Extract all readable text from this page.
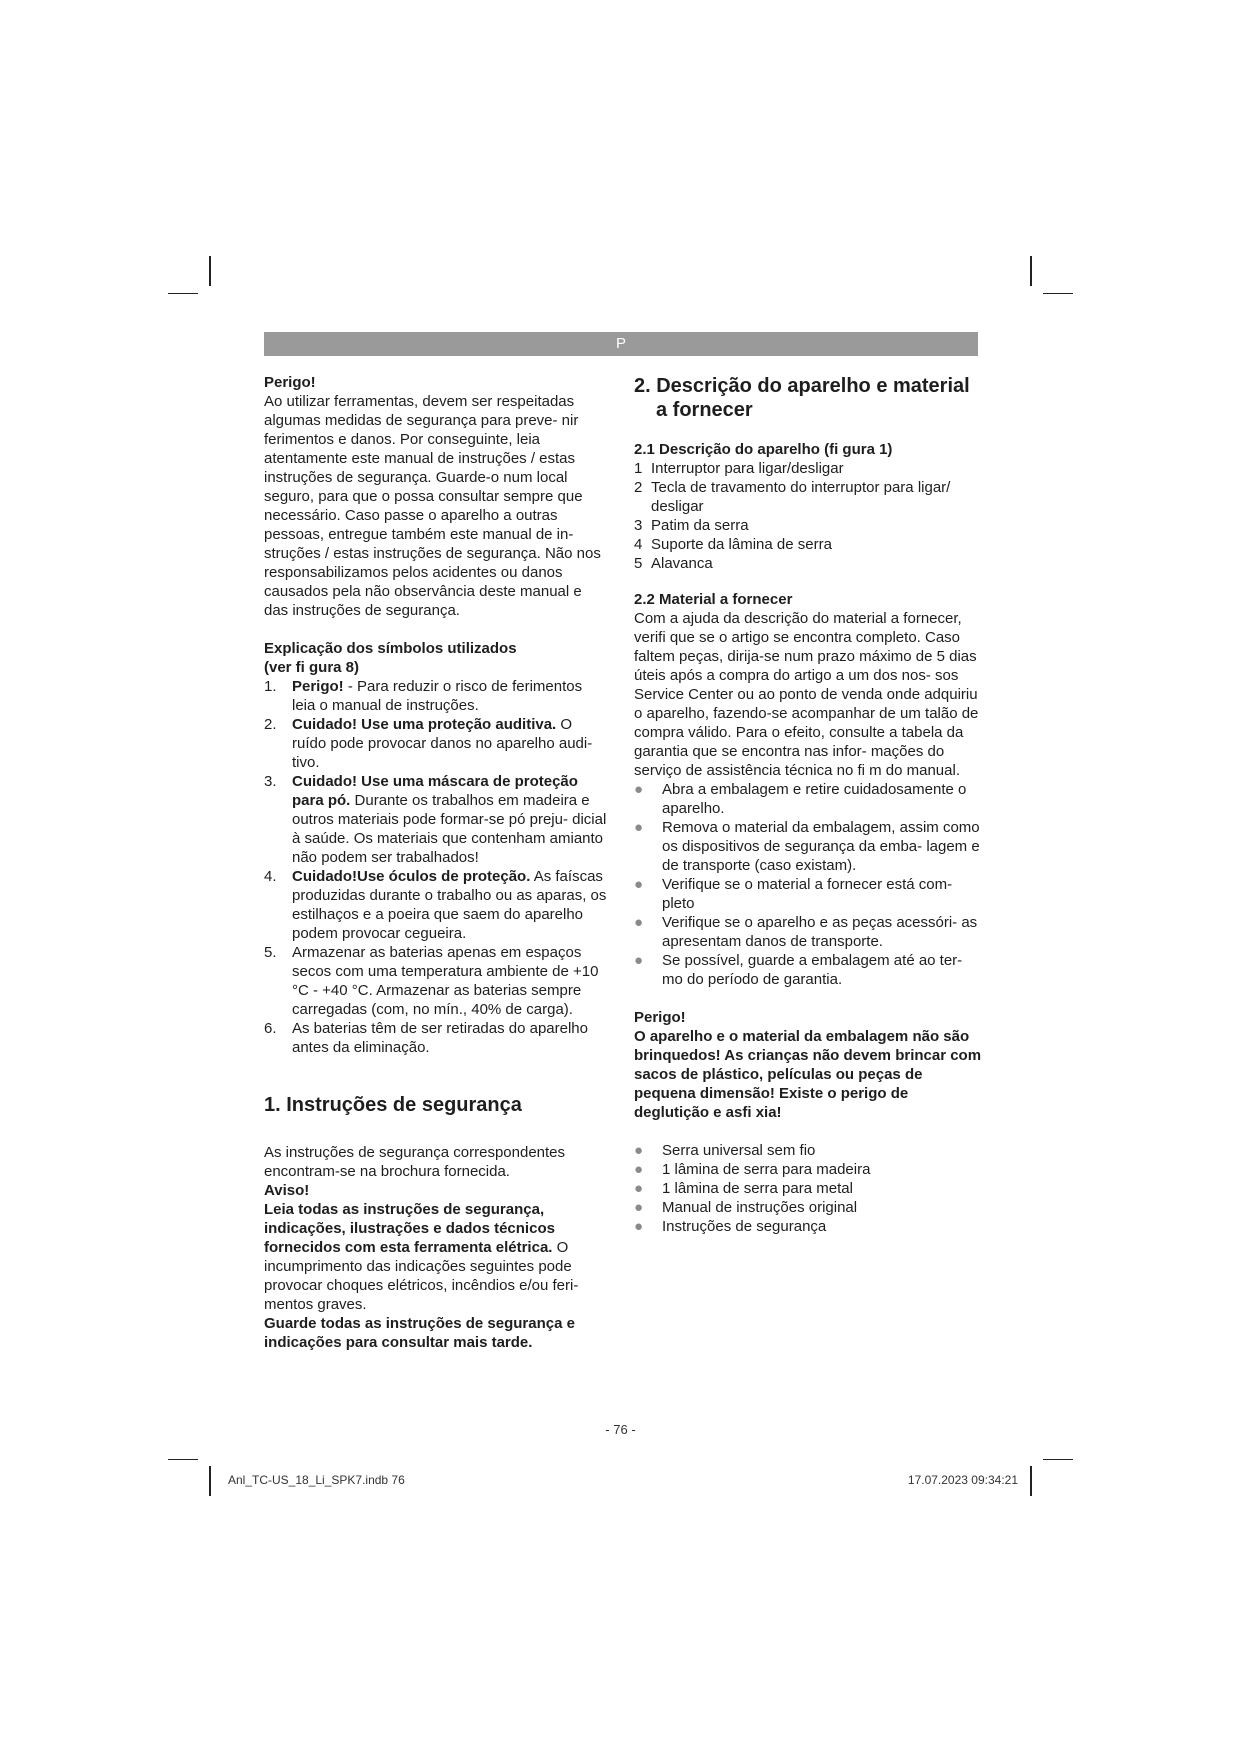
P

Perigo!

Ao utilizar ferramentas, devem ser respeitadas algumas medidas de segurança para preve- nir ferimentos e danos. Por conseguinte, leia atentamente este manual de instruções / estas instruções de segurança. Guarde-o num local seguro, para que o possa consultar sempre que necessário. Caso passe o aparelho a outras pessoas, entregue também este manual de in- struções / estas instruções de segurança. Não nos responsabilizamos pelos acidentes ou danos causados pela não observância deste manual e das instruções de segurança.

Explicação dos símbolos utilizados

(ver fi gura 8)

1. Perigo! - Para reduzir o risco de ferimentos leia o manual de instruções.
2. Cuidado! Use uma proteção auditiva. O ruído pode provocar danos no aparelho audi- tivo.
3. Cuidado! Use uma máscara de proteção para pó. Durante os trabalhos em madeira e outros materiais pode formar-se pó preju- dicial à saúde. Os materiais que contenham amianto não podem ser trabalhados!
4. Cuidado!Use óculos de proteção. As faíscas produzidas durante o trabalho ou as aparas, os estilhaços e a poeira que saem do aparelho podem provocar cegueira.
5. Armazenar as baterias apenas em espaços secos com uma temperatura ambiente de +10 °C - +40 °C. Armazenar as baterias sempre carregadas (com, no mín., 40% de carga).
6. As baterias têm de ser retiradas do aparelho antes da eliminação.

1. Instruções de segurança

As instruções de segurança correspondentes encontram-se na brochura fornecida.

Aviso!

Leia todas as instruções de segurança, indicações, ilustrações e dados técnicos fornecidos com esta ferramenta elétrica. O incumprimento das indicações seguintes pode provocar choques elétricos, incêndios e/ou feri- mentos graves.

Guarde todas as instruções de segurança e indicações para consultar mais tarde.

2. Descrição do aparelho e material

a fornecer

2.1 Descrição do aparelho (fi gura 1)

1 Interruptor para ligar/desligar
2 Tecla de travamento do interruptor para ligar/ desligar
3 Patim da serra
4 Suporte da lâmina de serra
5 Alavanca

2.2 Material a fornecer

Com a ajuda da descrição do material a fornecer, verifi que se o artigo se encontra completo. Caso faltem peças, dirija-se num prazo máximo de 5 dias úteis após a compra do artigo a um dos nos- sos Service Center ou ao ponto de venda onde adquiriu o aparelho, fazendo-se acompanhar de um talão de compra válido. Para o efeito, consulte a tabela da garantia que se encontra nas infor- mações do serviço de assistência técnica no fi m do manual.

● Abra a embalagem e retire cuidadosamente o aparelho.
● Remova o material da embalagem, assim como os dispositivos de segurança da emba- lagem e de transporte (caso existam).
● Verifique se o material a fornecer está com- pleto
● Verifique se o aparelho e as peças acessóri- as apresentam danos de transporte.
● Se possível, guarde a embalagem até ao ter- mo do período de garantia.

Perigo!

O aparelho e o material da embalagem não são brinquedos! As crianças não devem brincar com sacos de plástico, películas ou peças de pequena dimensão! Existe o perigo de deglutição e asfi xia!

● Serra universal sem fio
● 1 lâmina de serra para madeira
● 1 lâmina de serra para metal
● Manual de instruções original
● Instruções de segurança
- 76 -
Anl_TC-US_18_Li_SPK7.indb 76	17.07.2023 09:34:21
